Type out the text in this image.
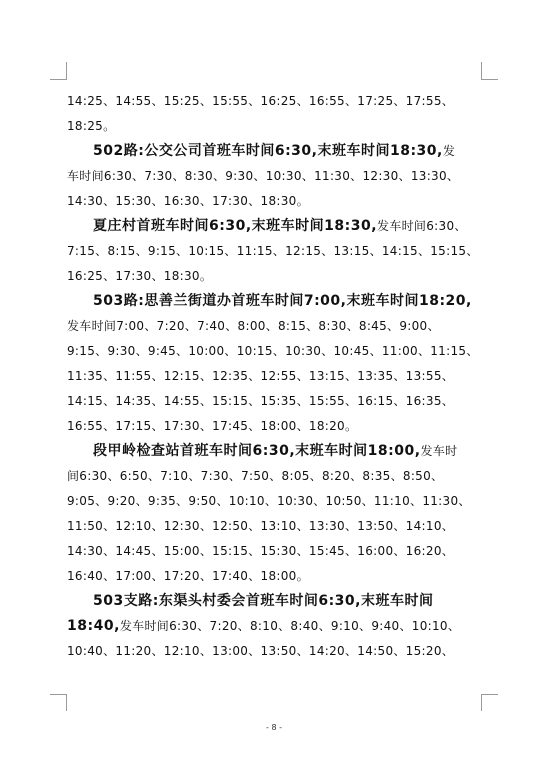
14:25、14:55、15:25、15:55、16:25、16:55、17:25、17:55、
18:25。
502路:公交公司首班车时间6:30,末班车时间18:30,发
车时间6:30、7:30、8:30、9:30、10:30、11:30、12:30、13:30、
14:30、15:30、16:30、17:30、18:30。
夏庄村首班车时间6:30,末班车时间18:30,发车时间6:30、
7:15、8:15、9:15、10:15、11:15、12:15、13:15、14:15、15:15、
16:25、17:30、18:30。
503路:思善兰街道办首班车时间7:00,末班车时间18:20,
发车时间7:00、7:20、7:40、8:00、8:15、8:30、8:45、9:00、
9:15、9:30、9:45、10:00、10:15、10:30、10:45、11:00、11:15、
11:35、11:55、12:15、12:35、12:55、13:15、13:35、13:55、
14:15、14:35、14:55、15:15、15:35、15:55、16:15、16:35、
16:55、17:15、17:30、17:45、18:00、18:20。
段甲岭检查站首班车时间6:30,末班车时间18:00,发车时
间6:30、6:50、7:10、7:30、7:50、8:05、8:20、8:35、8:50、
9:05、9:20、9:35、9:50、10:10、10:30、10:50、11:10、11:30、
11:50、12:10、12:30、12:50、13:10、13:30、13:50、14:10、
14:30、14:45、15:00、15:15、15:30、15:45、16:00、16:20、
16:40、17:00、17:20、17:40、18:00。
503支路:东渠头村委会首班车时间6:30,末班车时间
18:40,发车时间6:30、7:20、8:10、8:40、9:10、9:40、10:10、
10:40、11:20、12:10、13:00、13:50、14:20、14:50、15:20、
- 8 -
